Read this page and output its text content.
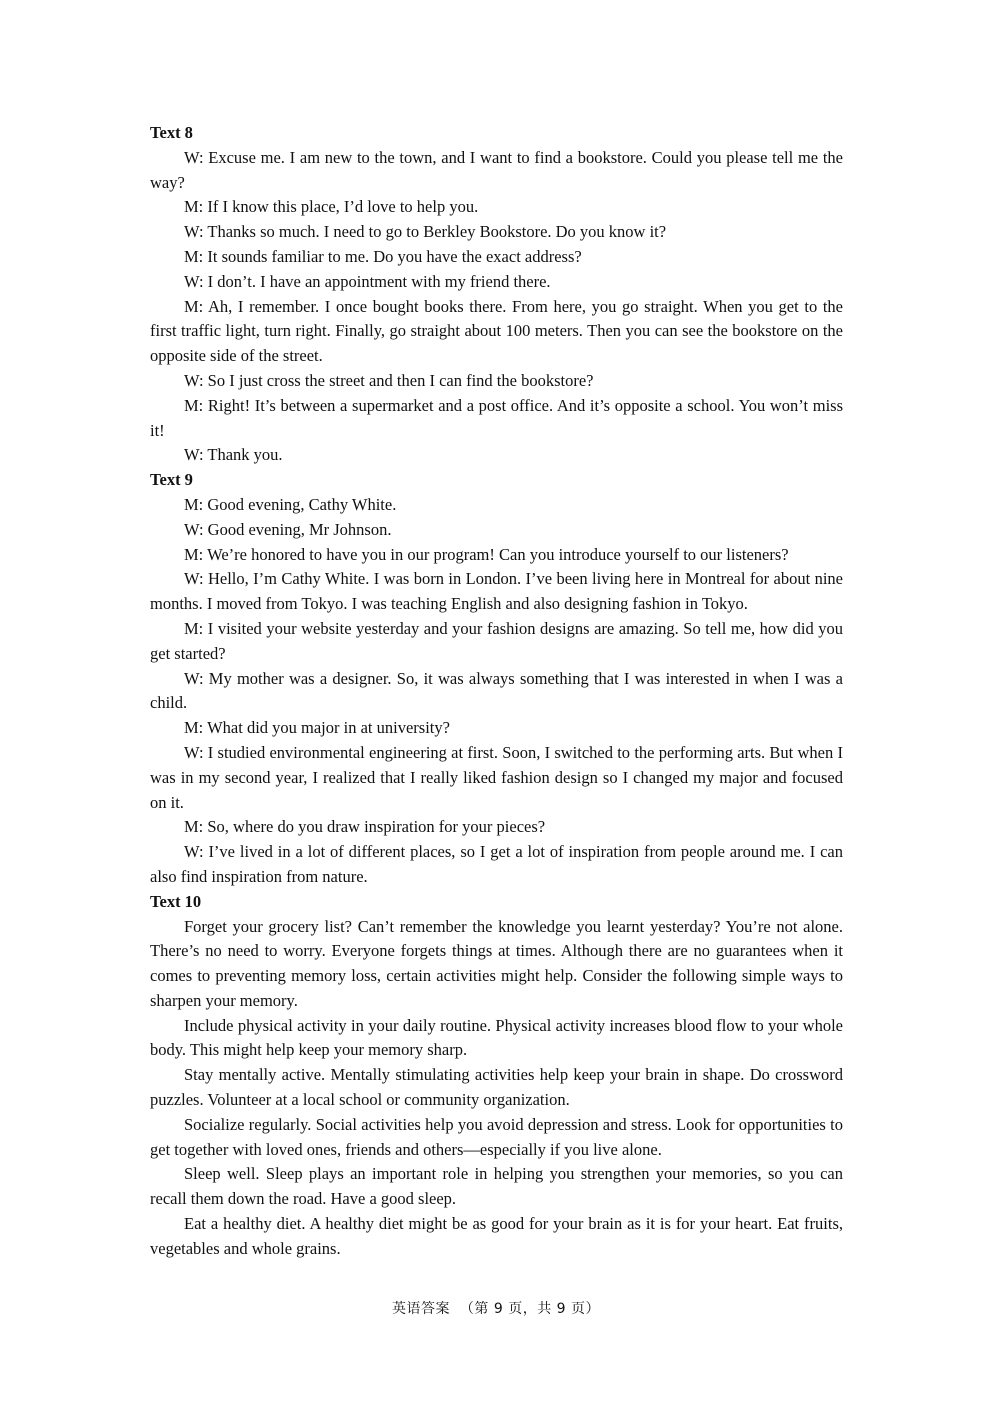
Text 8

W: Excuse me. I am new to the town, and I want to find a bookstore. Could you please tell me the way?

M: If I know this place, I’d love to help you.

W: Thanks so much. I need to go to Berkley Bookstore. Do you know it?

M: It sounds familiar to me. Do you have the exact address?

W: I don’t. I have an appointment with my friend there.

M: Ah, I remember. I once bought books there. From here, you go straight. When you get to the first traffic light, turn right. Finally, go straight about 100 meters. Then you can see the bookstore on the opposite side of the street.

W: So I just cross the street and then I can find the bookstore?

M: Right! It’s between a supermarket and a post office. And it’s opposite a school. You won’t miss it!

W: Thank you.

Text 9

M: Good evening, Cathy White.

W: Good evening, Mr Johnson.

M: We’re honored to have you in our program! Can you introduce yourself to our listeners?

W: Hello, I’m Cathy White. I was born in London. I’ve been living here in Montreal for about nine months. I moved from Tokyo. I was teaching English and also designing fashion in Tokyo.

M: I visited your website yesterday and your fashion designs are amazing. So tell me, how did you get started?

W: My mother was a designer. So, it was always something that I was interested in when I was a child.

M: What did you major in at university?

W: I studied environmental engineering at first. Soon, I switched to the performing arts. But when I was in my second year, I realized that I really liked fashion design so I changed my major and focused on it.

M: So, where do you draw inspiration for your pieces?

W: I’ve lived in a lot of different places, so I get a lot of inspiration from people around me. I can also find inspiration from nature.

Text 10

Forget your grocery list? Can’t remember the knowledge you learnt yesterday? You’re not alone. There’s no need to worry. Everyone forgets things at times. Although there are no guarantees when it comes to preventing memory loss, certain activities might help. Consider the following simple ways to sharpen your memory.

Include physical activity in your daily routine. Physical activity increases blood flow to your whole body. This might help keep your memory sharp.

Stay mentally active. Mentally stimulating activities help keep your brain in shape. Do crossword puzzles. Volunteer at a local school or community organization.

Socialize regularly. Social activities help you avoid depression and stress. Look for opportunities to get together with loved ones, friends and others—especially if you live alone.

Sleep well. Sleep plays an important role in helping you strengthen your memories, so you can recall them down the road. Have a good sleep.

Eat a healthy diet. A healthy diet might be as good for your brain as it is for your heart. Eat fruits, vegetables and whole grains.

英语答案  （第 9 页，共 9 页）
